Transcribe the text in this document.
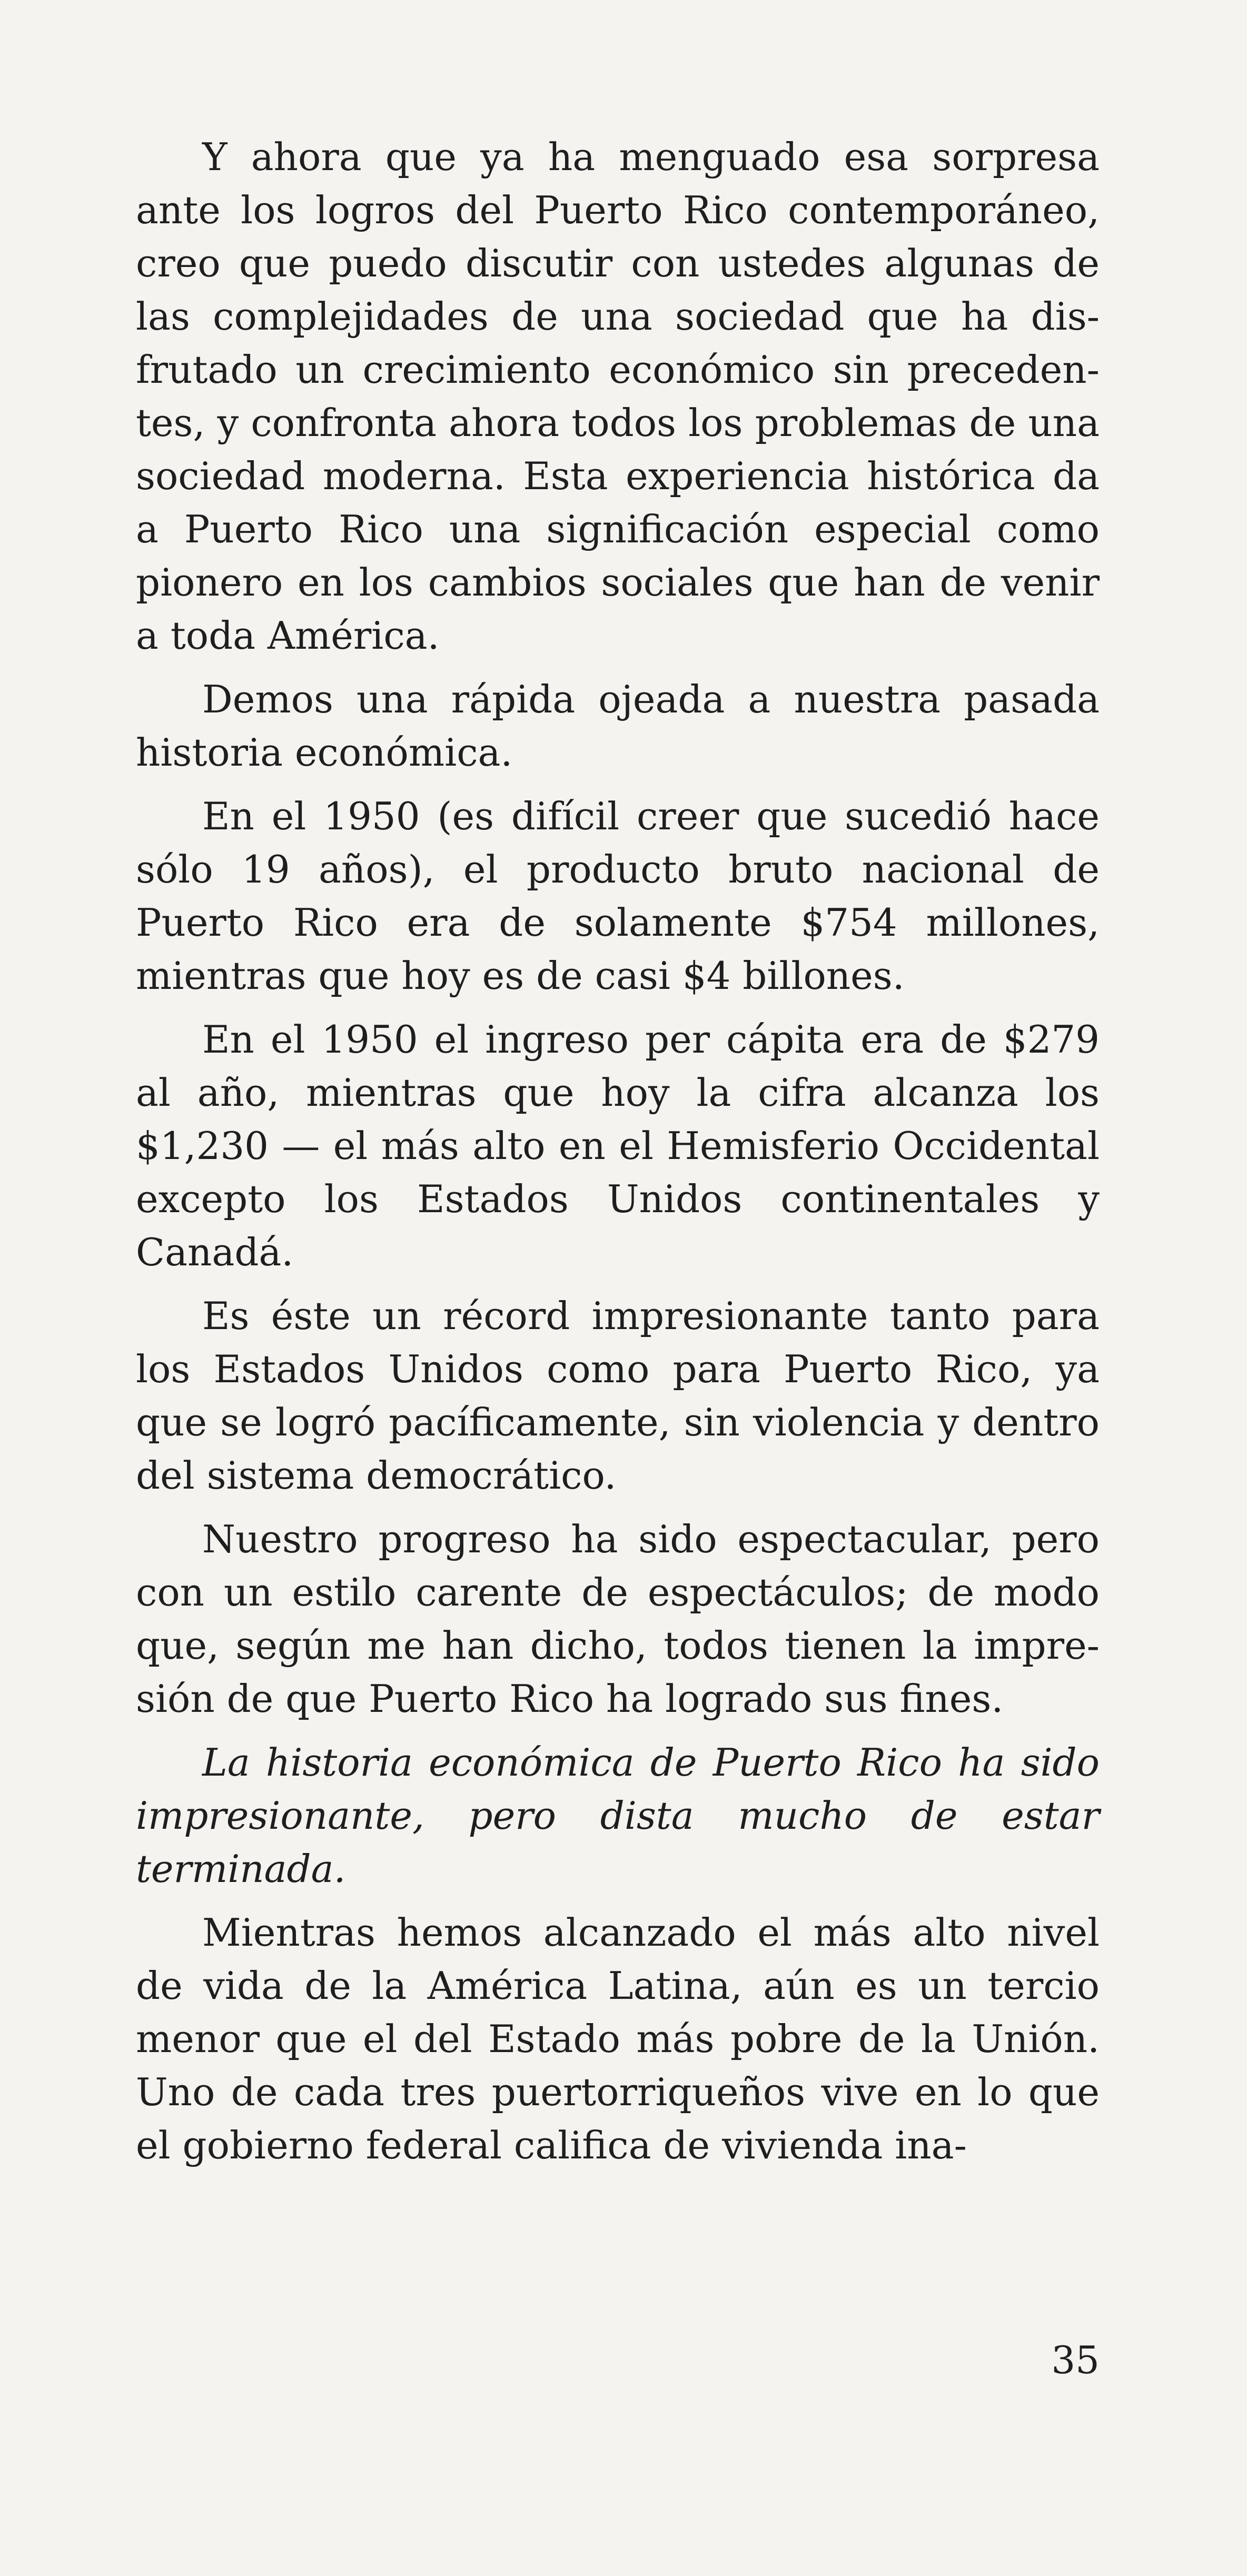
Y ahora que ya ha menguado esa sorpresa ante los logros del Puerto Rico contemporáneo, creo que puedo discutir con ustedes algunas de las complejidades de una sociedad que ha disfrutado un crecimiento económico sin precedentes, y confronta ahora todos los problemas de una sociedad moderna. Esta experiencia histórica da a Puerto Rico una significación especial como pionero en los cambios sociales que han de venir a toda América.

Demos una rápida ojeada a nuestra pasada historia económica.

En el 1950 (es difícil creer que sucedió hace sólo 19 años), el producto bruto nacional de Puerto Rico era de solamente $754 millones, mientras que hoy es de casi $4 billones.

En el 1950 el ingreso per cápita era de $279 al año, mientras que hoy la cifra alcanza los $1,230 — el más alto en el Hemisferio Occidental excepto los Estados Unidos continentales y Canadá.

Es éste un récord impresionante tanto para los Estados Unidos como para Puerto Rico, ya que se logró pacíficamente, sin violencia y dentro del sistema democrático.

Nuestro progreso ha sido espectacular, pero con un estilo carente de espectáculos; de modo que, según me han dicho, todos tienen la impresión de que Puerto Rico ha logrado sus fines.

La historia económica de Puerto Rico ha sido impresionante, pero dista mucho de estar terminada.

Mientras hemos alcanzado el más alto nivel de vida de la América Latina, aún es un tercio menor que el del Estado más pobre de la Unión. Uno de cada tres puertorriqueños vive en lo que el gobierno federal califica de vivienda ina-

35
